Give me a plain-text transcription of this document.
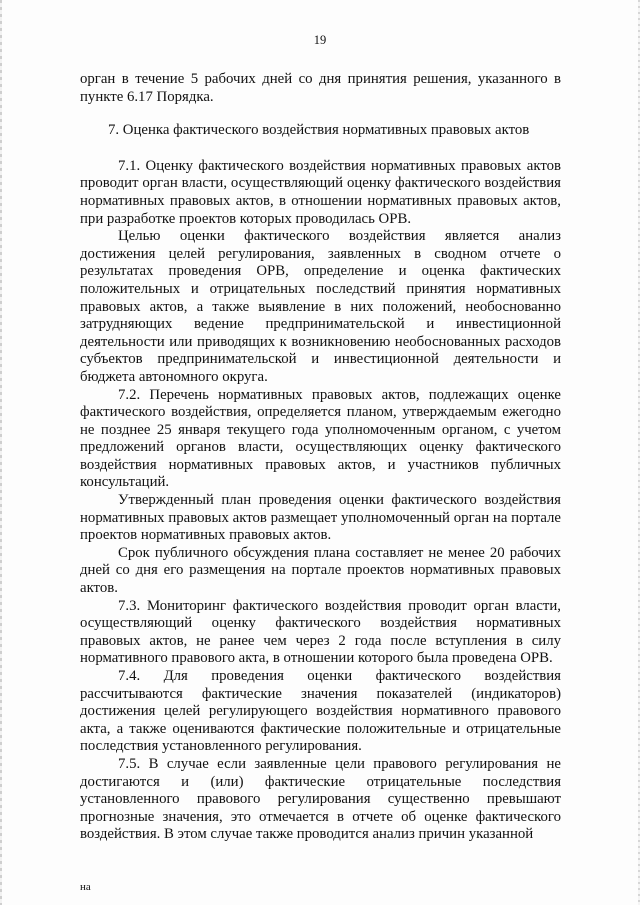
19

орган в течение 5 рабочих дней со дня принятия решения, указанного в пункте 6.17 Порядка.

7. Оценка фактического воздействия нормативных правовых актов

7.1. Оценку фактического воздействия нормативных правовых актов проводит орган власти, осуществляющий оценку фактического воздействия нормативных правовых актов, в отношении нормативных правовых актов, при разработке проектов которых проводилась ОРВ.

Целью оценки фактического воздействия является анализ достижения целей регулирования, заявленных в сводном отчете о результатах проведения ОРВ, определение и оценка фактических положительных и отрицательных последствий принятия нормативных правовых актов, а также выявление в них положений, необоснованно затрудняющих ведение предпринимательской и инвестиционной деятельности или приводящих к возникновению необоснованных расходов субъектов предпринимательской и инвестиционной деятельности и бюджета автономного округа.

7.2. Перечень нормативных правовых актов, подлежащих оценке фактического воздействия, определяется планом, утверждаемым ежегодно не позднее 25 января текущего года уполномоченным органом, с учетом предложений органов власти, осуществляющих оценку фактического воздействия нормативных правовых актов, и участников публичных консультаций.

Утвержденный план проведения оценки фактического воздействия нормативных правовых актов размещает уполномоченный орган на портале проектов нормативных правовых актов.

Срок публичного обсуждения плана составляет не менее 20 рабочих дней со дня его размещения на портале проектов нормативных правовых актов.

7.3. Мониторинг фактического воздействия проводит орган власти, осуществляющий оценку фактического воздействия нормативных правовых актов, не ранее чем через 2 года после вступления в силу нормативного правового акта, в отношении которого была проведена ОРВ.

7.4. Для проведения оценки фактического воздействия рассчитываются фактические значения показателей (индикаторов) достижения целей регулирующего воздействия нормативного правового акта, а также оцениваются фактические положительные и отрицательные последствия установленного регулирования.

7.5. В случае если заявленные цели правового регулирования не достигаются и (или) фактические отрицательные последствия установленного правового регулирования существенно превышают прогнозные значения, это отмечается в отчете об оценке фактического воздействия. В этом случае также проводится анализ причин указанной

на
